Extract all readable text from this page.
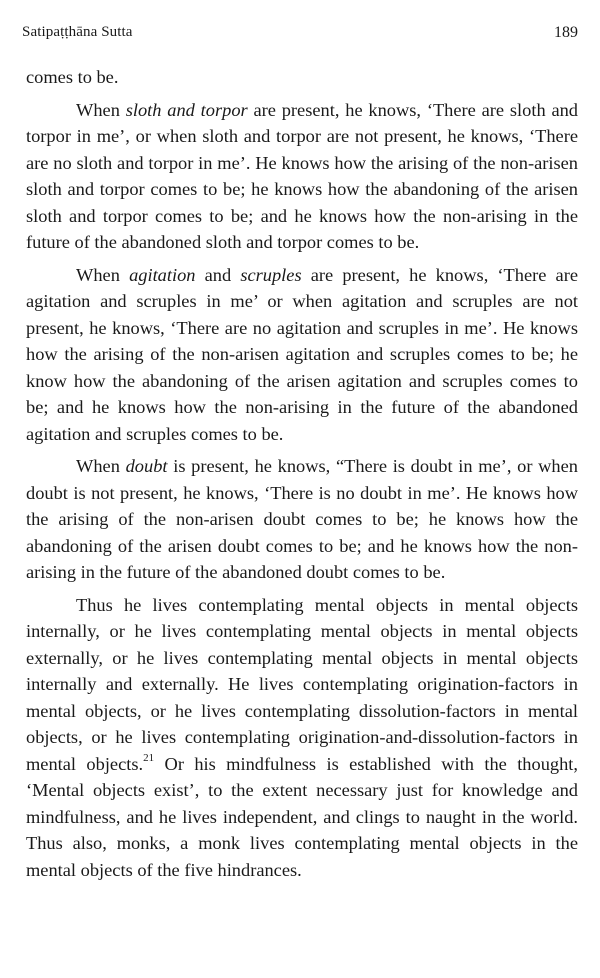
Satipaṭṭhāna Sutta	189

comes to be.

When sloth and torpor are present, he knows, ‘There are sloth and torpor in me’, or when sloth and torpor are not present, he knows, ‘There are no sloth and torpor in me’. He knows how the arising of the non-arisen sloth and torpor comes to be; he knows how the abandoning of the arisen sloth and torpor comes to be; and he knows how the non-arising in the future of the abandoned sloth and torpor comes to be.

When agitation and scruples are present, he knows, ‘There are agitation and scruples in me’ or when agitation and scruples are not present, he knows, ‘There are no agitation and scruples in me’. He knows how the arising of the non-arisen agitation and scruples comes to be; he know how the abandoning of the arisen agitation and scruples comes to be; and he knows how the non-arising in the future of the abandoned agitation and scruples comes to be.

When doubt is present, he knows, “There is doubt in me’, or when doubt is not present, he knows, ‘There is no doubt in me’. He knows how the arising of the non-arisen doubt comes to be; he knows how the abandoning of the arisen doubt comes to be; and he knows how the non-arising in the future of the abandoned doubt comes to be.

Thus he lives contemplating mental objects in mental objects internally, or he lives contemplating mental objects in mental objects externally, or he lives contemplating mental objects in mental objects internally and externally. He lives contemplating origination-factors in mental objects, or he lives contemplating dissolution-factors in mental objects, or he lives contemplating origination-and-dissolution-factors in mental objects.$^{21}$ Or his mindfulness is established with the thought, ‘Mental objects exist’, to the extent necessary just for knowledge and mindfulness, and he lives independent, and clings to naught in the world. Thus also, monks, a monk lives contemplating mental objects in the mental objects of the five hindrances.
